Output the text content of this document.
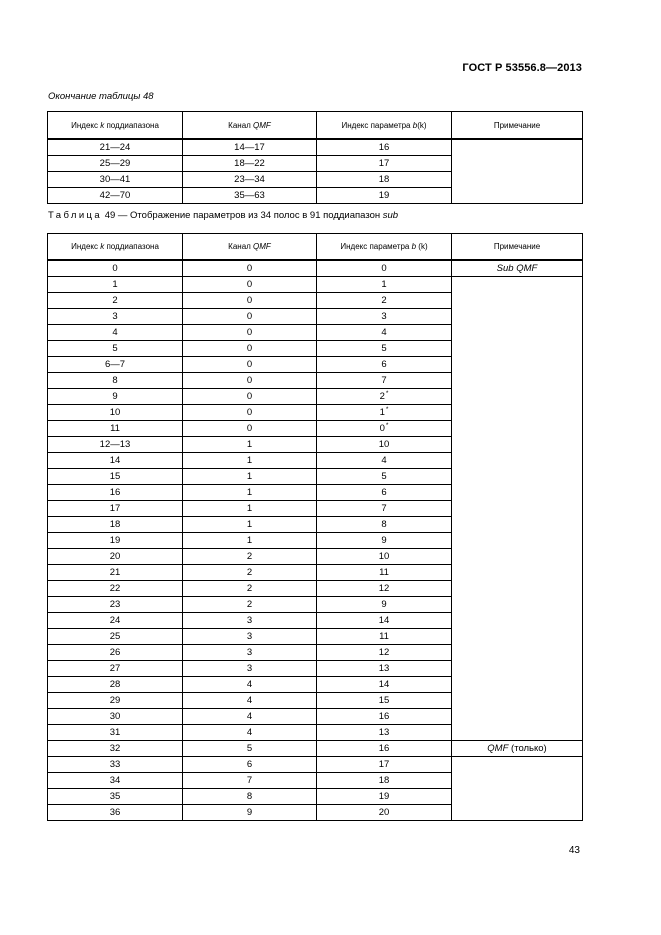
ГОСТ Р 53556.8—2013
Окончание таблицы 48
Индекс k поддиапазона	Канал QMF	Индекс параметра b(k)	Примечание
21—24	14—17	16	
25—29	18—22	17	
30—41	23—34	18	
42—70	35—63	19	
Таблица 49 — Отображение параметров из 34 полос в 91 поддиапазон sub
Индекс k поддиапазона	Канал QMF	Индекс параметра b (k)	Примечание
0	0	0	Sub QMF
1	0	1	
2	0	2	
3	0	3	
4	0	4	
5	0	5	
6—7	0	6	
8	0	7	
9	0	2*
10	0	1*
11	0	0*
12—13	1	10	
14	1	4	
15	1	5	
16	1	6	
17	1	7	
18	1	8	
19	1	9	
20	2	10	
21	2	11	
22	2	12	
23	2	9	
24	3	14	
25	3	11	
26	3	12	
27	3	13	
28	4	14	
29	4	15	
30	4	16	
31	4	13	
32	5	16	QMF (только)
33	6	17	
34	7	18	
35	8	19	
36	9	20	
43
